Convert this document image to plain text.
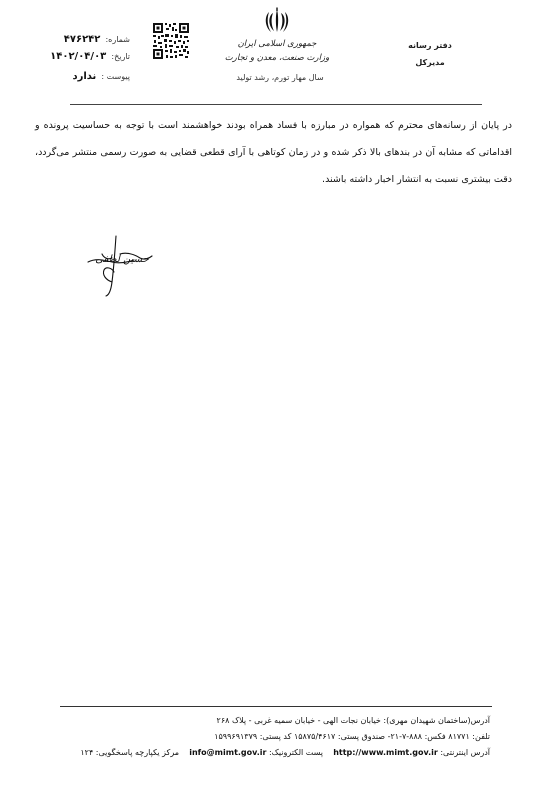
شماره: ۴۷۶۲۴۲
تاریخ: ۱۴۰۲/۰۴/۰۳
پیوست : ندارد
جمهوری اسلامی ایران
وزارت صنعت، معدن و تجارت
سال مهار تورم، رشد تولید
دفتر رسانه
مدیرکل
در پایان از رسانه‌های محترم که همواره در مبارزه با فساد همراه بودند خواهشمند است با توجه به حساسیت پرونده و اقداماتی که مشابه آن در بندهای بالا ذکر شده و در زمان کوتاهی با آرای قطعی قضایی به صورت رسمی منتشر می‌گردد، دقت بیشتری نسبت به انتشار اخبار داشته باشند.
حسین لطفی
آدرس(ساختمان شهیدان مهری): خیابان نجات الهی - خیابان سمیه غربی - پلاک ۲۶۸
تلفن: ۸۱۷۷۱ فکس: ۸۸۸-۷-۲۱- صندوق پستی: ۱۵۸۷۵/۴۶۱۷ کد پستی: ۱۵۹۹۶۹۱۳۷۹
آدرس اینترنتی: http://www.mimt.gov.ir    پست الکترونیک: info@mimt.gov.ir    مرکز یکپارچه پاسخگویی: ۱۲۴
